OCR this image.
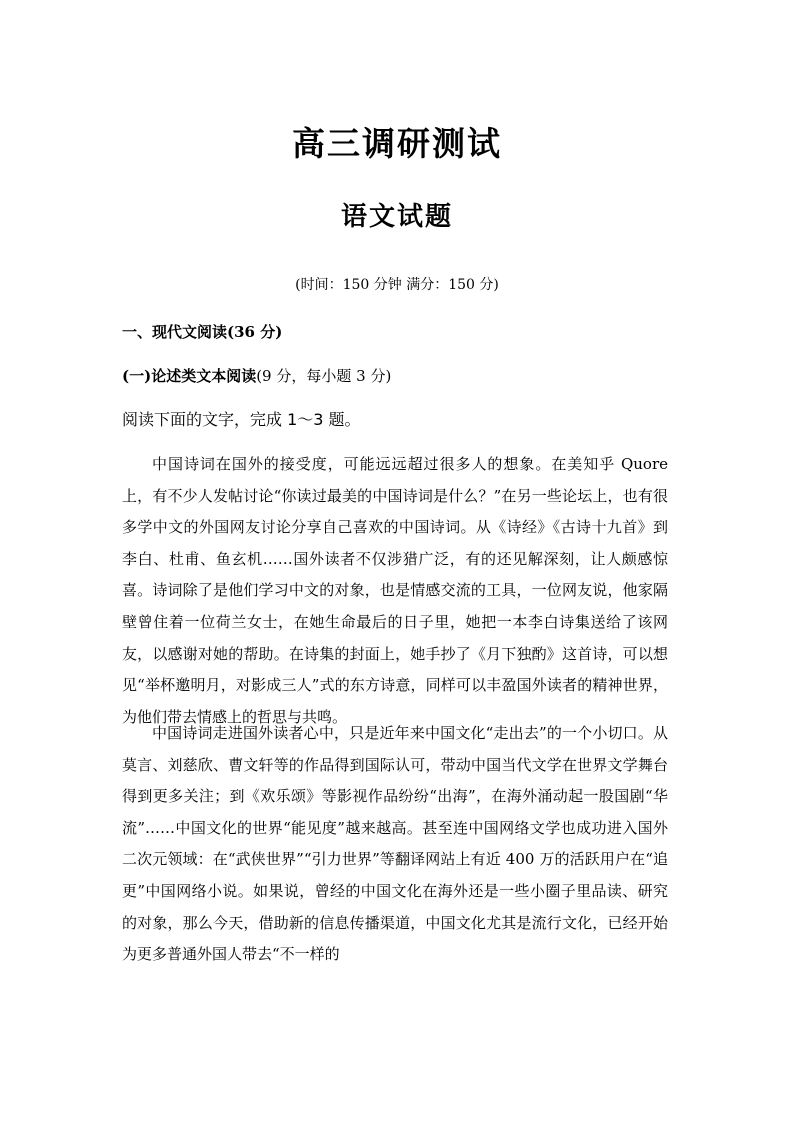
高三调研测试
语文试题
(时间：150 分钟 满分：150 分)
一、现代文阅读(36 分)
(一)论述类文本阅读(9 分，每小题 3 分)
阅读下面的文字，完成 1～3 题。

中国诗词在国外的接受度，可能远远超过很多人的想象。在美知乎 Quore 上，有不少人发帖讨论“你读过最美的中国诗词是什么？”在另一些论坛上，也有很多学中文的外国网友讨论分享自己喜欢的中国诗词。从《诗经》《古诗十九首》到李白、杜甫、鱼玄机……国外读者不仅涉猎广泛，有的还见解深刻，让人颇感惊喜。诗词除了是他们学习中文的对象，也是情感交流的工具，一位网友说，他家隔壁曾住着一位荷兰女士，在她生命最后的日子里，她把一本李白诗集送给了该网友，以感谢对她的帮助。在诗集的封面上，她手抄了《月下独酌》这首诗，可以想见“举杯邀明月，对影成三人”式的东方诗意，同样可以丰盈国外读者的精神世界，为他们带去情感上的哲思与共鸣。

中国诗词走进国外读者心中，只是近年来中国文化“走出去”的一个小切口。从莫言、刘慈欣、曹文轩等的作品得到国际认可，带动中国当代文学在世界文学舞台得到更多关注；到《欢乐颂》等影视作品纷纷“出海”，在海外涌动起一股国剧“华流”……中国文化的世界“能见度”越来越高。甚至连中国网络文学也成功进入国外二次元领域：在“武侠世界”“引力世界”等翻译网站上有近 400 万的活跃用户在“追更”中国网络小说。如果说，曾经的中国文化在海外还是一些小圈子里品读、研究的对象，那么今天，借助新的信息传播渠道，中国文化尤其是流行文化，已经开始为更多普通外国人带去“不一样的
